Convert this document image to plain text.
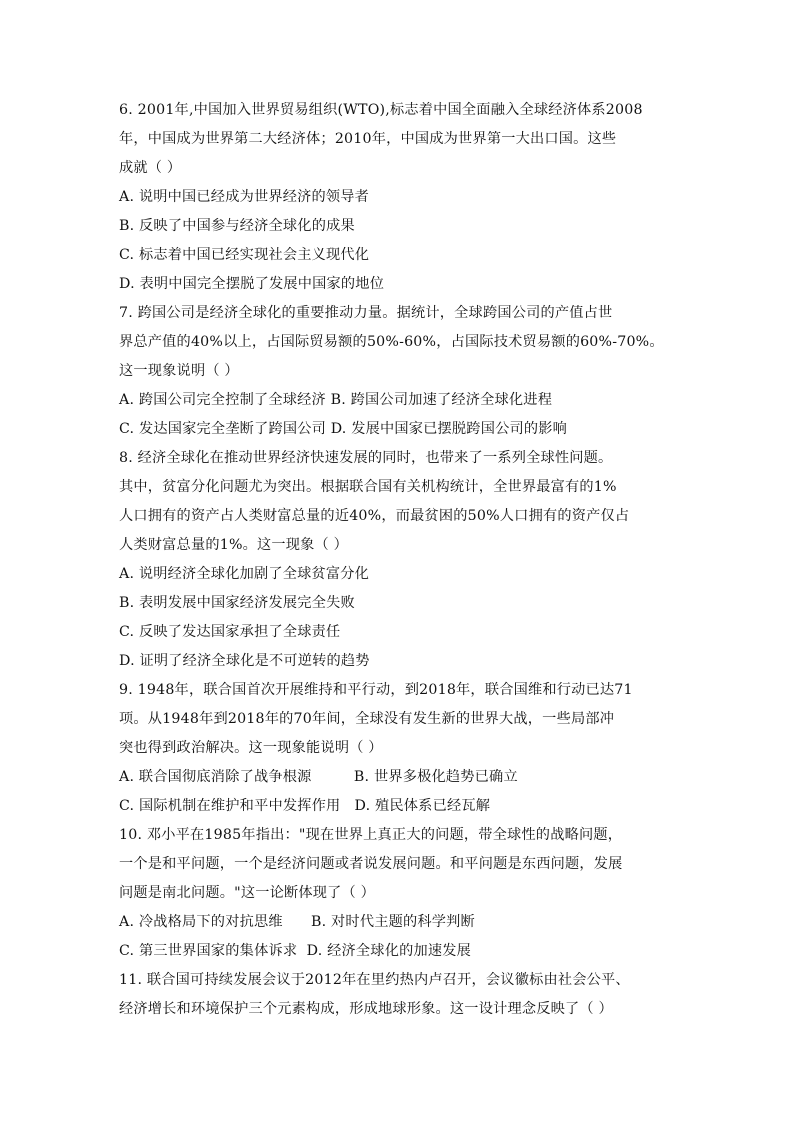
6. 2001年,中国加入世界贸易组织(WTO),标志着中国全面融入全球经济体系2008
年，中国成为世界第二大经济体；2010年，中国成为世界第一大出口国。这些
成就（ ）
A. 说明中国已经成为世界经济的领导者
B. 反映了中国参与经济全球化的成果
C. 标志着中国已经实现社会主义现代化
D. 表明中国完全摆脱了发展中国家的地位
7. 跨国公司是经济全球化的重要推动力量。据统计，全球跨国公司的产值占世
界总产值的40%以上，占国际贸易额的50%-60%，占国际技术贸易额的60%-70%。
这一现象说明（ ）
A. 跨国公司完全控制了全球经济 B. 跨国公司加速了经济全球化进程
C. 发达国家完全垄断了跨国公司 D. 发展中国家已摆脱跨国公司的影响
8. 经济全球化在推动世界经济快速发展的同时，也带来了一系列全球性问题。
其中，贫富分化问题尤为突出。根据联合国有关机构统计，全世界最富有的1%
人口拥有的资产占人类财富总量的近40%，而最贫困的50%人口拥有的资产仅占
人类财富总量的1%。这一现象（ ）
A. 说明经济全球化加剧了全球贫富分化
B. 表明发展中国家经济发展完全失败
C. 反映了发达国家承担了全球责任
D. 证明了经济全球化是不可逆转的趋势
9. 1948年，联合国首次开展维持和平行动，到2018年，联合国维和行动已达71
项。从1948年到2018年的70年间，全球没有发生新的世界大战，一些局部冲
突也得到政治解决。这一现象能说明（ ）
A. 联合国彻底消除了战争根源         B. 世界多极化趋势已确立
C. 国际机制在维护和平中发挥作用   D. 殖民体系已经瓦解
10. 邓小平在1985年指出："现在世界上真正大的问题，带全球性的战略问题，
一个是和平问题，一个是经济问题或者说发展问题。和平问题是东西问题，发展
问题是南北问题。"这一论断体现了（ ）
A. 冷战格局下的对抗思维      B. 对时代主题的科学判断
C. 第三世界国家的集体诉求  D. 经济全球化的加速发展
11. 联合国可持续发展会议于2012年在里约热内卢召开，会议徽标由社会公平、
经济增长和环境保护三个元素构成，形成地球形象。这一设计理念反映了（ ）
